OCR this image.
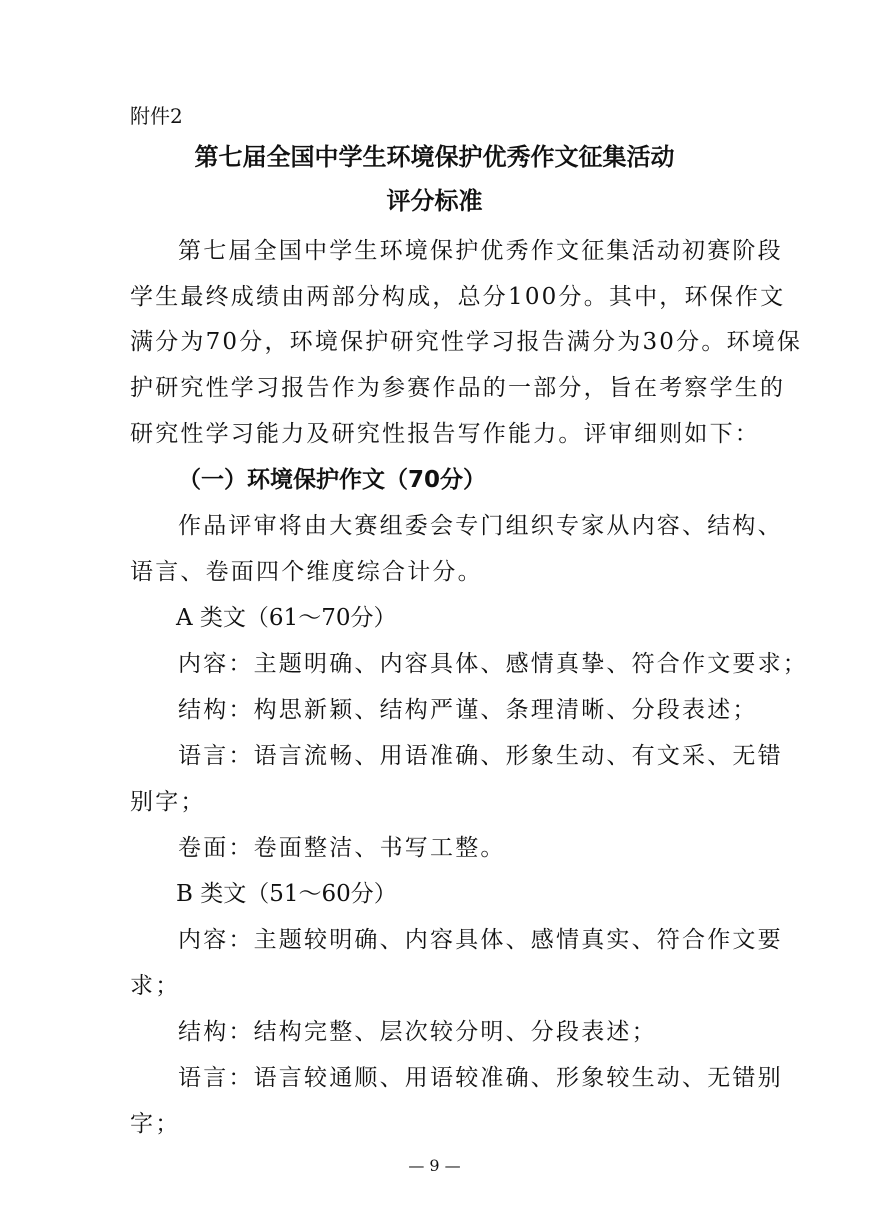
附件2
第七届全国中学生环境保护优秀作文征集活动
评分标准
第七届全国中学生环境保护优秀作文征集活动初赛阶段
学生最终成绩由两部分构成，总分100分。其中，环保作文
满分为70分，环境保护研究性学习报告满分为30分。环境保
护研究性学习报告作为参赛作品的一部分，旨在考察学生的
研究性学习能力及研究性报告写作能力。评审细则如下：
（一）环境保护作文（70分）
作品评审将由大赛组委会专门组织专家从内容、结构、
语言、卷面四个维度综合计分。
A 类文（61～70分）
内容：主题明确、内容具体、感情真挚、符合作文要求；
结构：构思新颖、结构严谨、条理清晰、分段表述；
语言：语言流畅、用语准确、形象生动、有文采、无错
别字；
卷面：卷面整洁、书写工整。
B 类文（51～60分）
内容：主题较明确、内容具体、感情真实、符合作文要
求；
结构：结构完整、层次较分明、分段表述；
语言：语言较通顺、用语较准确、形象较生动、无错别
字；
— 9 —
